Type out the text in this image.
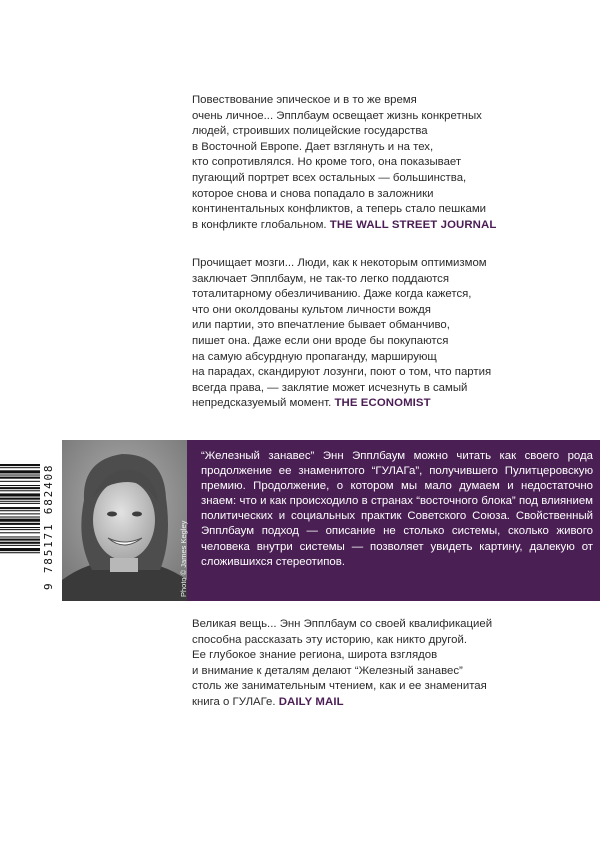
Повествование эпическое и в то же время
очень личное... Эпплбаум освещает жизнь конкретных
людей, строивших полицейские государства
в Восточной Европе. Дает взглянуть и на тех,
кто сопротивлялся. Но кроме того, она показывает
пугающий портрет всех остальных — большинства,
которое снова и снова попадало в заложники
континентальных конфликтов, а теперь стало пешками
в конфликте глобальном. THE WALL STREET JOURNAL
Прочищает мозги... Люди, как к некоторым оптимизмом
заключает Эпплбаум, не так-то легко поддаются
тоталитарному обезличиванию. Даже когда кажется,
что они околдованы культом личности вождя
или партии, это впечатление бывает обманчиво,
пишет она. Даже если они вроде бы покупаются
на самую абсурдную пропаганду, марширующ
на парадах, скандируют лозунги, поют о том, что партия
всегда права, — заклятие может исчезнуть в самый
непредсказуемый момент. THE ECONOMIST
9 785171 682408	Photo © James Kegley
“Железный занавес” Энн Эпплбаум можно читать как своего рода продолжение ее знаменитого “ГУЛАГа”, получившего Пулитцеровскую премию. Продолжение, о котором мы мало думаем и недостаточно знаем: что и как происходило в странах “восточного блока” под влиянием политических и социальных практик Советского Союза. Свойственный Эпплбаум подход — описание не столько системы, сколько живого человека внутри системы — позволяет увидеть картину, далекую от сложившихся стереотипов.
Великая вещь... Энн Эпплбаум со своей квалификацией
способна рассказать эту историю, как никто другой.
Ее глубокое знание региона, широта взглядов
и внимание к деталям делают “Железный занавес”
столь же занимательным чтением, как и ее знаменитая
книга о ГУЛАГе. DAILY MAIL
